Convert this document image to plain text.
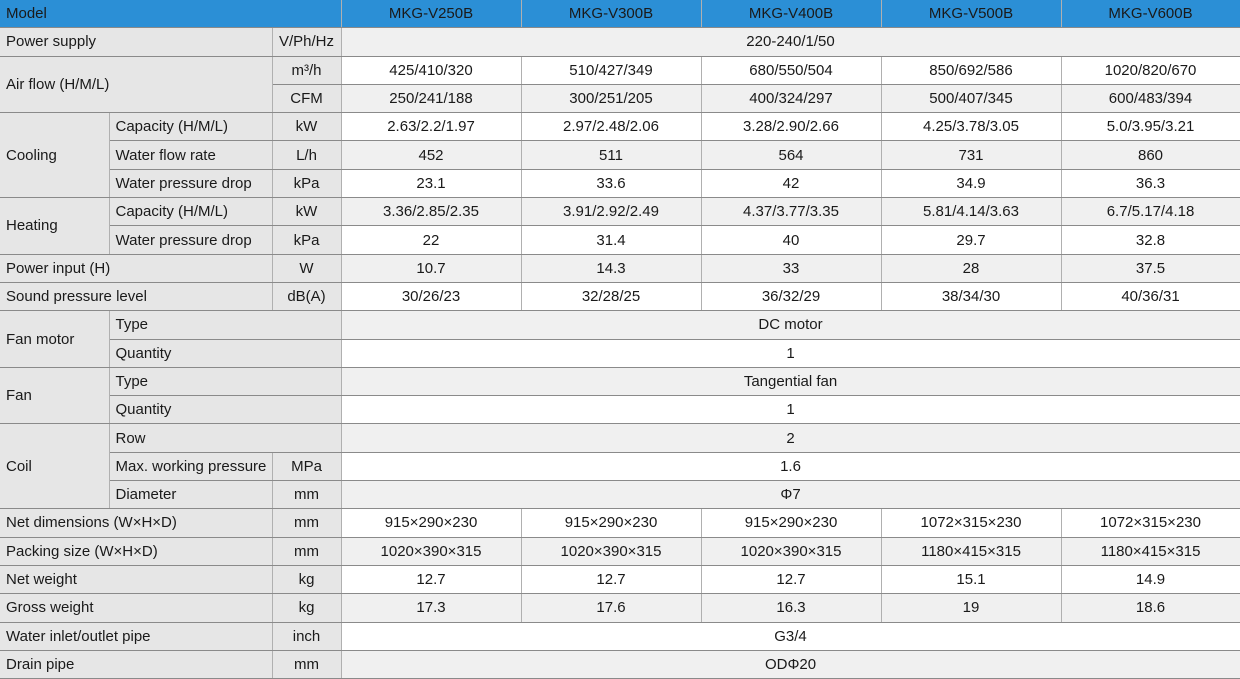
Model			MKG-V250B	MKG-V300B	MKG-V400B	MKG-V500B	MKG-V600B
Power supply		V/Ph/Hz	220-240/1/50				
Air flow (H/M/L)		m³/h	425/410/320	510/427/349	680/550/504	850/692/586	1020/820/670
		CFM	250/241/188	300/251/205	400/324/297	500/407/345	600/483/394
Cooling	Capacity (H/M/L)	kW	2.63/2.2/1.97	2.97/2.48/2.06	3.28/2.90/2.66	4.25/3.78/3.05	5.0/3.95/3.21
	Water flow rate	L/h	452	511	564	731	860
	Water pressure drop	kPa	23.1	33.6	42	34.9	36.3
Heating	Capacity (H/M/L)	kW	3.36/2.85/2.35	3.91/2.92/2.49	4.37/3.77/3.35	5.81/4.14/3.63	6.7/5.17/4.18
	Water pressure drop	kPa	22	31.4	40	29.7	32.8
Power input (H)		W	10.7	14.3	33	28	37.5
Sound pressure level		dB(A)	30/26/23	32/28/25	36/32/29	38/34/30	40/36/31
Fan motor	Type		DC motor				
	Quantity		1				
Fan	Type		Tangential fan				
	Quantity		1				
Coil	Row		2				
	Max. working pressure	MPa	1.6				
	Diameter	mm	Φ7				
Net dimensions (W×H×D)		mm	915×290×230	915×290×230	915×290×230	1072×315×230	1072×315×230
Packing size (W×H×D)		mm	1020×390×315	1020×390×315	1020×390×315	1180×415×315	1180×415×315
Net weight		kg	12.7	12.7	12.7	15.1	14.9
Gross weight		kg	17.3	17.6	16.3	19	18.6
Water inlet/outlet pipe		inch	G3/4				
Drain pipe		mm	ODΦ20				
